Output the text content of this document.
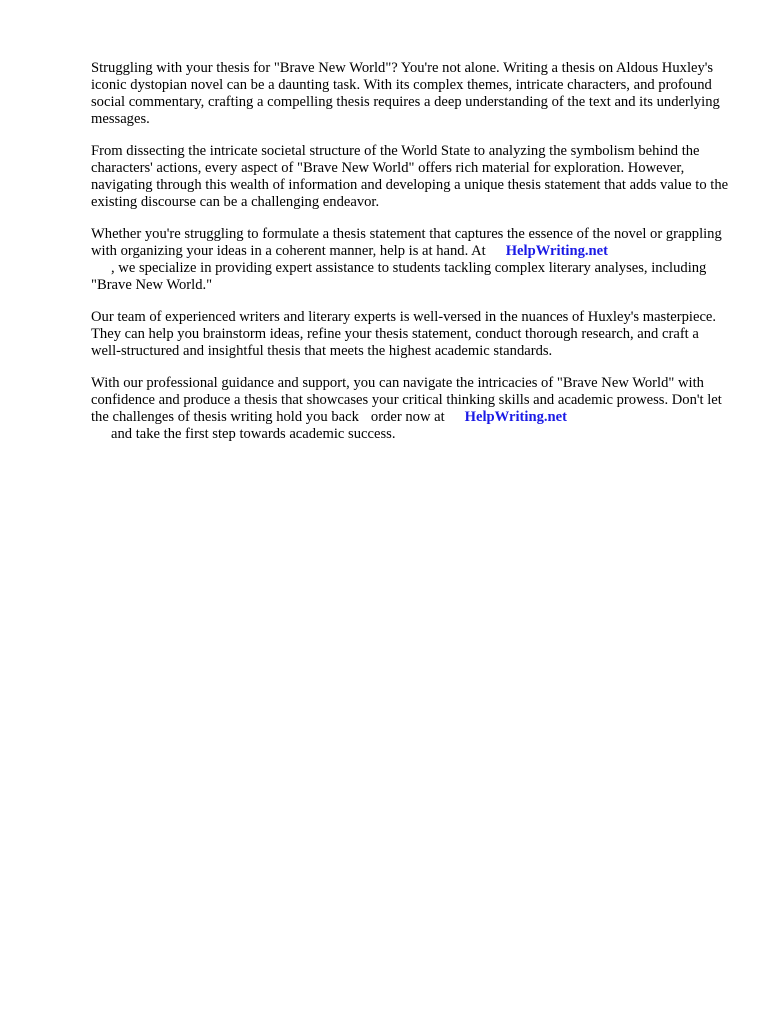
Struggling with your thesis for "Brave New World"? You're not alone. Writing a thesis on Aldous Huxley's iconic dystopian novel can be a daunting task. With its complex themes, intricate characters, and profound social commentary, crafting a compelling thesis requires a deep understanding of the text and its underlying messages.

From dissecting the intricate societal structure of the World State to analyzing the symbolism behind the characters' actions, every aspect of "Brave New World" offers rich material for exploration. However, navigating through this wealth of information and developing a unique thesis statement that adds value to the existing discourse can be a challenging endeavor.

Whether you're struggling to formulate a thesis statement that captures the essence of the novel or grappling with organizing your ideas in a coherent manner, help is at hand. At HelpWriting.net
, we specialize in providing expert assistance to students tackling complex literary analyses, including "Brave New World."

Our team of experienced writers and literary experts is well-versed in the nuances of Huxley's masterpiece. They can help you brainstorm ideas, refine your thesis statement, conduct thorough research, and craft a well-structured and insightful thesis that meets the highest academic standards.

With our professional guidance and support, you can navigate the intricacies of "Brave New World" with confidence and produce a thesis that showcases your critical thinking skills and academic prowess. Don't let the challenges of thesis writing hold you back order now at HelpWriting.net
and take the first step towards academic success.
